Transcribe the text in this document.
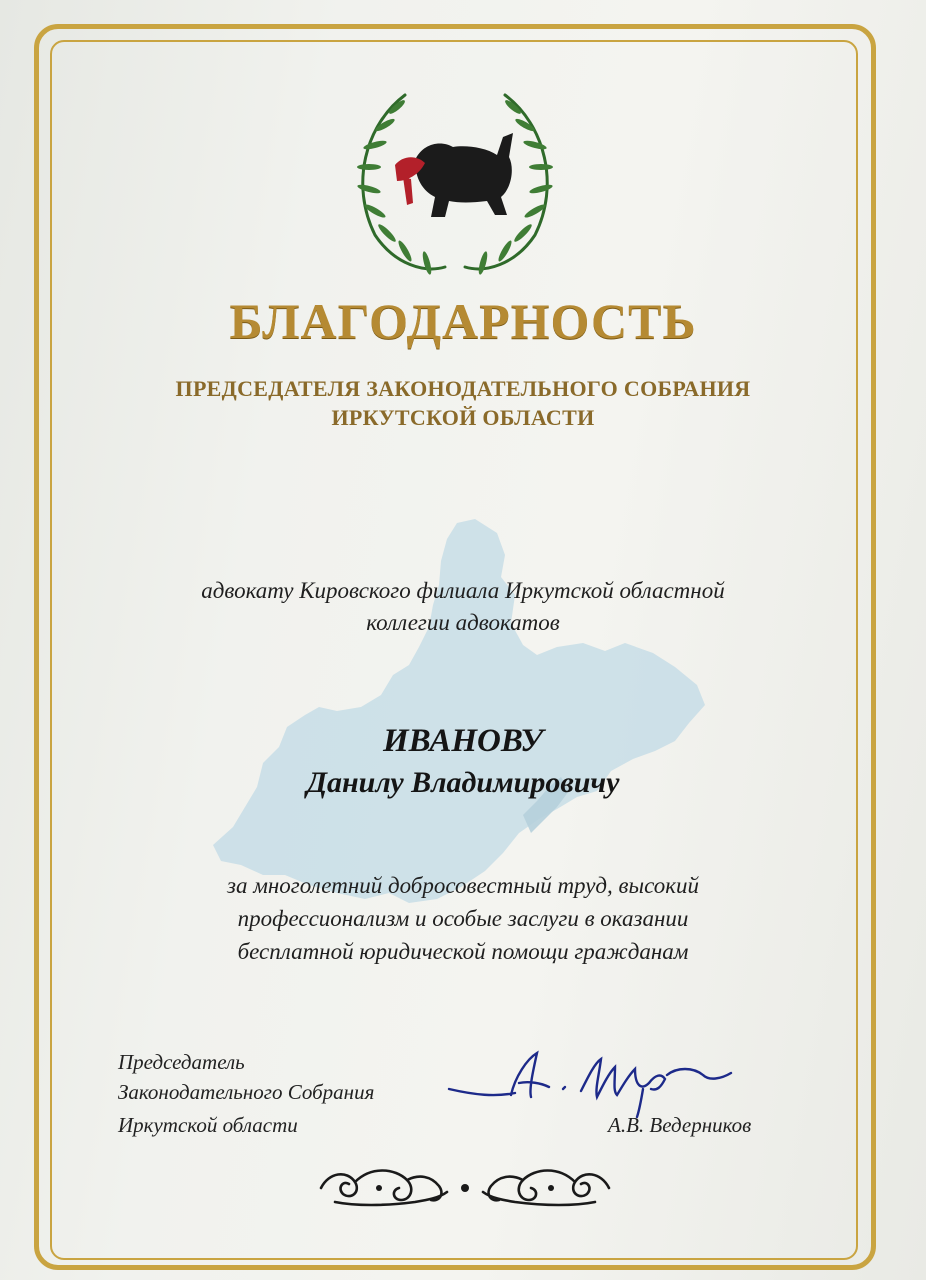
БЛАГОДАРНОСТЬ
ПРЕДСЕДАТЕЛЯ ЗАКОНОДАТЕЛЬНОГО СОБРАНИЯ
ИРКУТСКОЙ ОБЛАСТИ
адвокату Кировского филиала Иркутской областной
коллегии адвокатов
ИВАНОВУ
Данилу Владимировичу
за многолетний добросовестный труд, высокий
профессионализм и особые заслуги в оказании
бесплатной юридической помощи гражданам
Председатель
Законодательного Собрания
Иркутской области	А.В. Ведерников
